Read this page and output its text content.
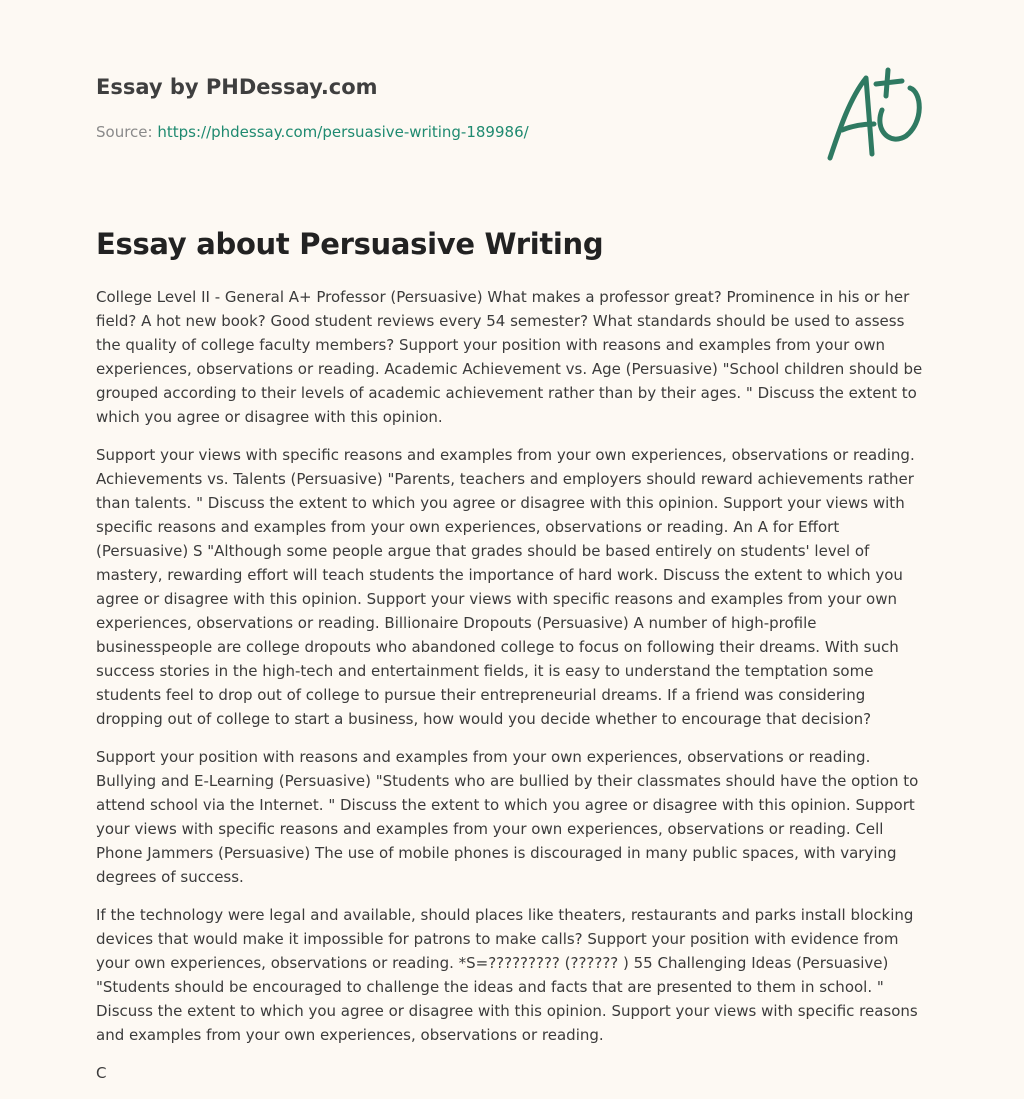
Essay by PHDessay.com
Source: https://phdessay.com/persuasive-writing-189986/
Essay about Persuasive Writing

College Level II - General A+ Professor (Persuasive) What makes a professor great? Prominence in his or her field? A hot new book? Good student reviews every 54 semester? What standards should be used to assess the quality of college faculty members? Support your position with reasons and examples from your own experiences, observations or reading. Academic Achievement vs. Age (Persuasive) "School children should be grouped according to their levels of academic achievement rather than by their ages. " Discuss the extent to which you agree or disagree with this opinion.

Support your views with specific reasons and examples from your own experiences, observations or reading. Achievements vs. Talents (Persuasive) "Parents, teachers and employers should reward achievements rather than talents. " Discuss the extent to which you agree or disagree with this opinion. Support your views with specific reasons and examples from your own experiences, observations or reading. An A for Effort (Persuasive) S "Although some people argue that grades should be based entirely on students' level of mastery, rewarding effort will teach students the importance of hard work. Discuss the extent to which you agree or disagree with this opinion. Support your views with specific reasons and examples from your own experiences, observations or reading. Billionaire Dropouts (Persuasive) A number of high-profile businesspeople are college dropouts who abandoned college to focus on following their dreams. With such success stories in the high-tech and entertainment fields, it is easy to understand the temptation some students feel to drop out of college to pursue their entrepreneurial dreams. If a friend was considering dropping out of college to start a business, how would you decide whether to encourage that decision?

Support your position with reasons and examples from your own experiences, observations or reading. Bullying and E-Learning (Persuasive) "Students who are bullied by their classmates should have the option to attend school via the Internet. " Discuss the extent to which you agree or disagree with this opinion. Support your views with specific reasons and examples from your own experiences, observations or reading. Cell Phone Jammers (Persuasive) The use of mobile phones is discouraged in many public spaces, with varying degrees of success.

If the technology were legal and available, should places like theaters, restaurants and parks install blocking devices that would make it impossible for patrons to make calls? Support your position with evidence from your own experiences, observations or reading. *S=????????? (?????? ) 55 Challenging Ideas (Persuasive) "Students should be encouraged to challenge the ideas and facts that are presented to them in school. " Discuss the extent to which you agree or disagree with this opinion. Support your views with specific reasons and examples from your own experiences, observations or reading.

C
